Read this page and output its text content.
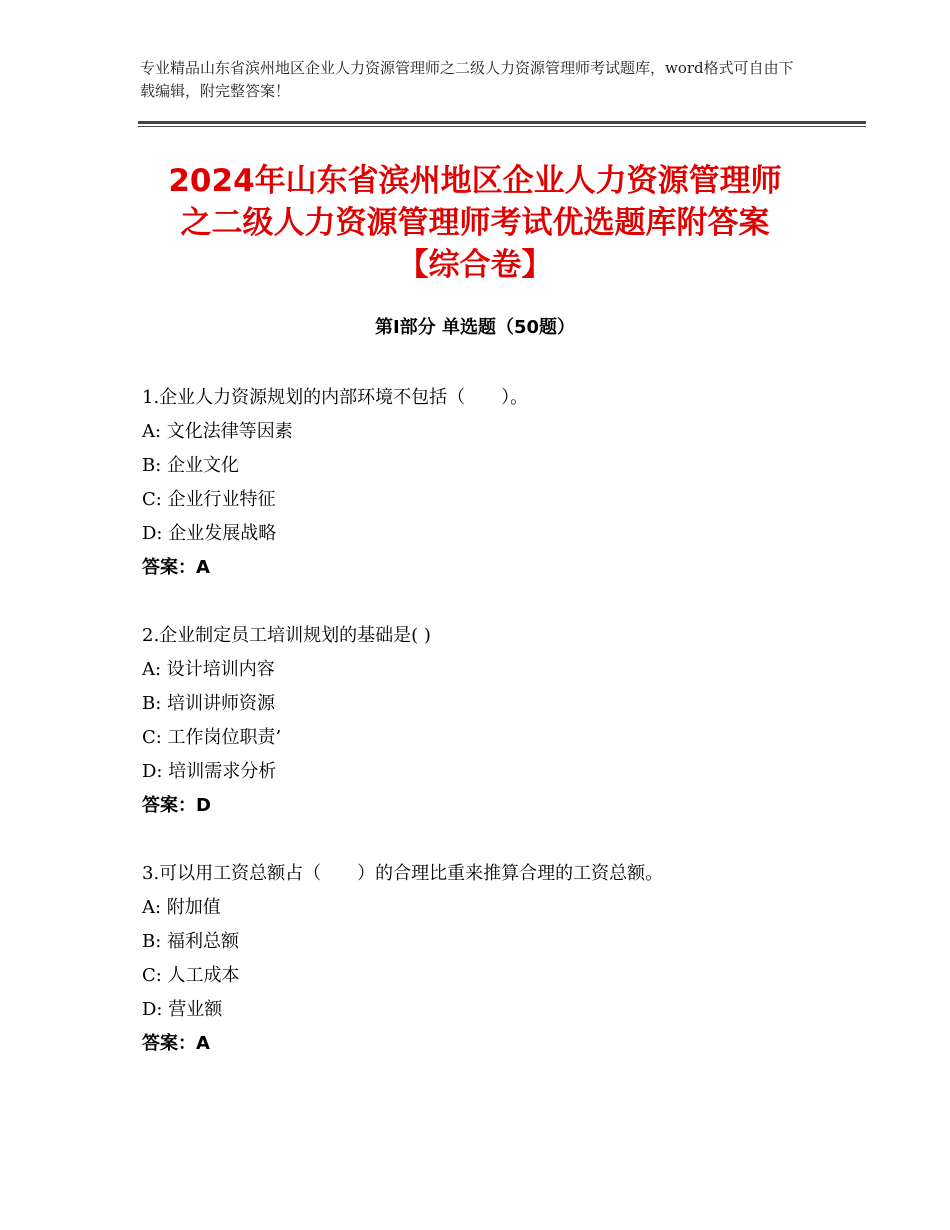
专业精品山东省滨州地区企业人力资源管理师之二级人力资源管理师考试题库，word格式可自由下载编辑，附完整答案！
2024年山东省滨州地区企业人力资源管理师
之二级人力资源管理师考试优选题库附答案
【综合卷】
第Ⅰ部分 单选题（50题）
1.企业人力资源规划的内部环境不包括（　　）。
A: 文化法律等因素
B: 企业文化
C: 企业行业特征
D: 企业发展战略
答案：A
2.企业制定员工培训规划的基础是( )
A: 设计培训内容
B: 培训讲师资源
C: 工作岗位职责’
D: 培训需求分析
答案：D
3.可以用工资总额占（　　）的合理比重来推算合理的工资总额。
A: 附加值
B: 福利总额
C: 人工成本
D: 营业额
答案：A
